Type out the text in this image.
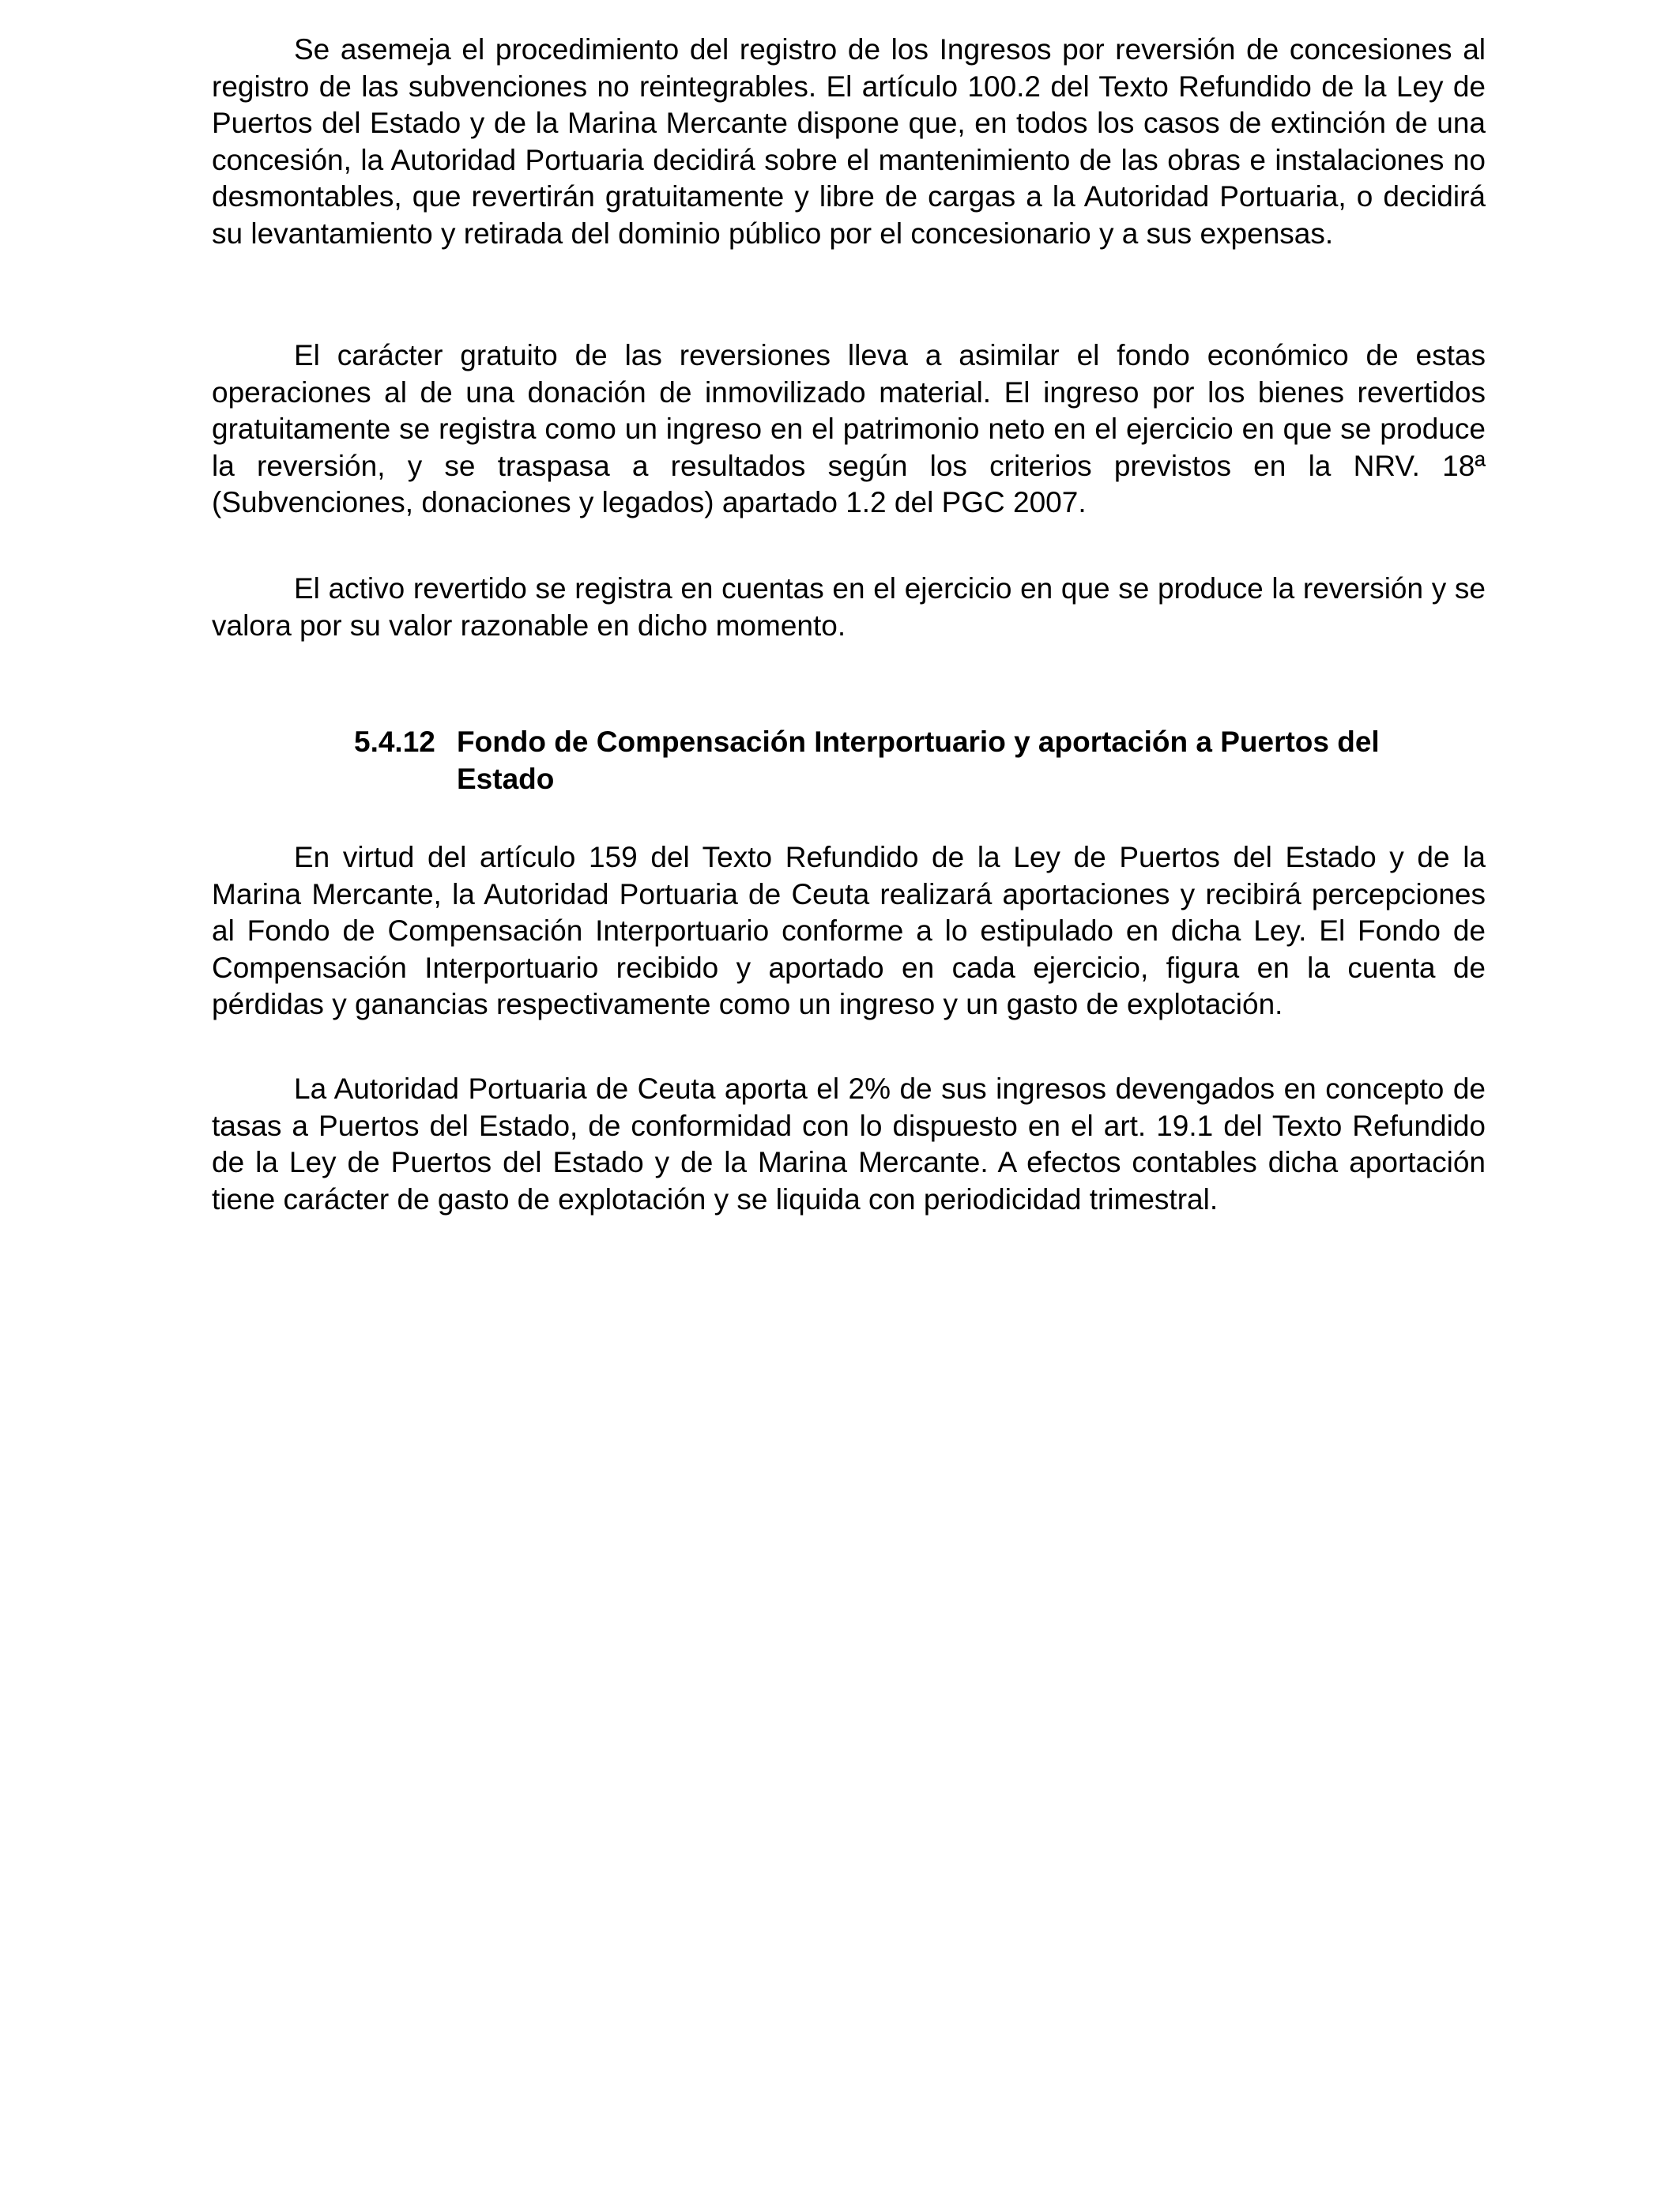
Se asemeja el procedimiento del registro de los Ingresos por reversión de concesiones al registro de las subvenciones no reintegrables. El artículo 100.2 del Texto Refundido de la Ley de Puertos del Estado y de la Marina Mercante dispone que, en todos los casos de extinción de una concesión, la Autoridad Portuaria decidirá sobre el mantenimiento de las obras e instalaciones no desmontables, que revertirán gratuitamente y libre de cargas a la Autoridad Portuaria, o decidirá su levantamiento y retirada del dominio público por el concesionario y a sus expensas.

El carácter gratuito de las reversiones lleva a asimilar el fondo económico de estas operaciones al de una donación de inmovilizado material. El ingreso por los bienes revertidos gratuitamente se registra como un ingreso en el patrimonio neto en el ejercicio en que se produce la reversión, y se traspasa a resultados según los criterios previstos en la NRV. 18ª (Subvenciones, donaciones y legados) apartado 1.2 del PGC 2007.

El activo revertido se registra en cuentas en el ejercicio en que se produce la reversión y se valora por su valor razonable en dicho momento.

5.4.12 Fondo de Compensación Interportuario y aportación a Puertos del Estado

En virtud del artículo 159 del Texto Refundido de la Ley de Puertos del Estado y de la Marina Mercante, la Autoridad Portuaria de Ceuta realizará aportaciones y recibirá percepciones al Fondo de Compensación Interportuario conforme a lo estipulado en dicha Ley. El Fondo de Compensación Interportuario recibido y aportado en cada ejercicio, figura en la cuenta de pérdidas y ganancias respectivamente como un ingreso y un gasto de explotación.

La Autoridad Portuaria de Ceuta aporta el 2% de sus ingresos devengados en concepto de tasas a Puertos del Estado, de conformidad con lo dispuesto en el art. 19.1 del Texto Refundido de la Ley de Puertos del Estado y de la Marina Mercante. A efectos contables dicha aportación tiene carácter de gasto de explotación y se liquida con periodicidad trimestral.
